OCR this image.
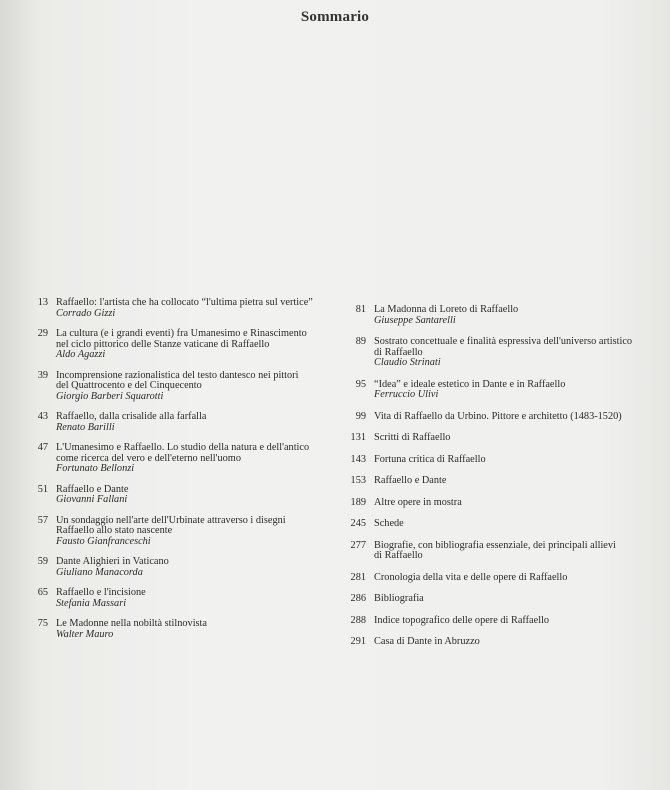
Sommario
13 Raffaello: l'artista che ha collocato “l'ultima pietra sul vertice”
Corrado Gizzi
29 La cultura (e i grandi eventi) fra Umanesimo e Rinascimento
nel ciclo pittorico delle Stanze vaticane di Raffaello
Aldo Agazzi
39 Incomprensione razionalistica del testo dantesco nei pittori
del Quattrocento e del Cinquecento
Giorgio Barberi Squarotti
43 Raffaello, dalla crisalide alla farfalla
Renato Barilli
47 L'Umanesimo e Raffaello. Lo studio della natura e dell'antico
come ricerca del vero e dell'eterno nell'uomo
Fortunato Bellonzi
51 Raffaello e Dante
Giovanni Fallani
57 Un sondaggio nell'arte dell'Urbinate attraverso i disegni
Raffaello allo stato nascente
Fausto Gianfranceschi
59 Dante Alighieri in Vaticano
Giuliano Manacorda
65 Raffaello e l'incisione
Stefania Massari
75 Le Madonne nella nobiltà stilnovista
Walter Mauro
81 La Madonna di Loreto di Raffaello
Giuseppe Santarelli
89 Sostrato concettuale e finalità espressiva dell'universo artistico
di Raffaello
Claudio Strinati
95 “Idea” e ideale estetico in Dante e in Raffaello
Ferruccio Ulivi
99 Vita di Raffaello da Urbino. Pittore e architetto (1483-1520)
131 Scritti di Raffaello
143 Fortuna critica di Raffaello
153 Raffaello e Dante
189 Altre opere in mostra
245 Schede
277 Biografie, con bibliografia essenziale, dei principali allievi
di Raffaello
281 Cronologia della vita e delle opere di Raffaello
286 Bibliografia
288 Indice topografico delle opere di Raffaello
291 Casa di Dante in Abruzzo
